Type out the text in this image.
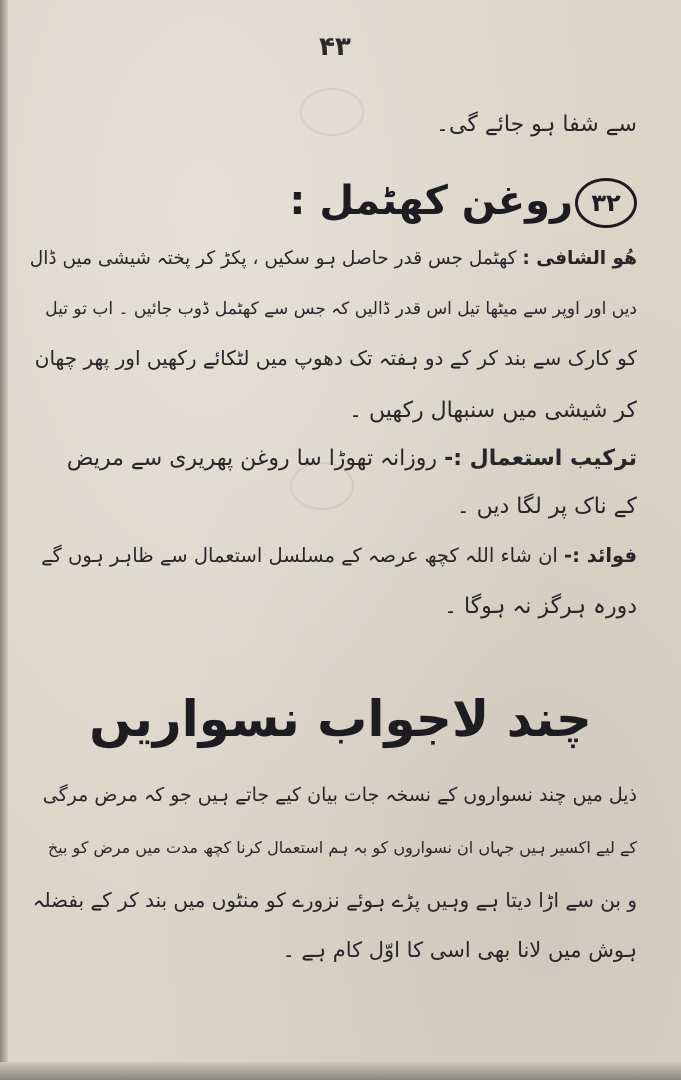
۴۳
سے شفا ہو جائے گی۔
۳۲
روغن کھٹمل :
ھُو الشافی : کھٹمل جس قدر حاصل ہو سکیں ، پکڑ کر پختہ شیشی میں ڈال
دیں اور اوپر سے میٹھا تیل اس قدر ڈالیں کہ جس سے کھٹمل ڈوب جائیں ۔ اب تو تیل
کو کارک سے بند کر کے دو ہفتہ تک دھوپ میں لٹکائے رکھیں اور پھر چھان
کر شیشی میں سنبھال رکھیں ۔
ترکیب استعمال :- روزانہ تھوڑا سا روغن پھریری سے مریض
کے ناک پر لگا دیں ۔
فوائد :- ان شاء اللہ کچھ عرصہ کے مسلسل استعمال سے ظاہر ہوں گے
دورہ ہرگز نہ ہوگا ۔
چند لاجواب نسواریں
ذیل میں چند نسواروں کے نسخہ جات بیان کیے جاتے ہیں جو کہ مرض مرگی
کے لیے اکسیر ہیں جہاں ان نسواروں کو بہ ہم استعمال کرنا کچھ مدت میں مرض کو بیخ
و بن سے اڑا دیتا ہے وہیں پڑے ہوئے نزورے کو منٹوں میں بند کر کے بفضلہ
ہوش میں لانا بھی اسی کا اوّل کام ہے ۔
